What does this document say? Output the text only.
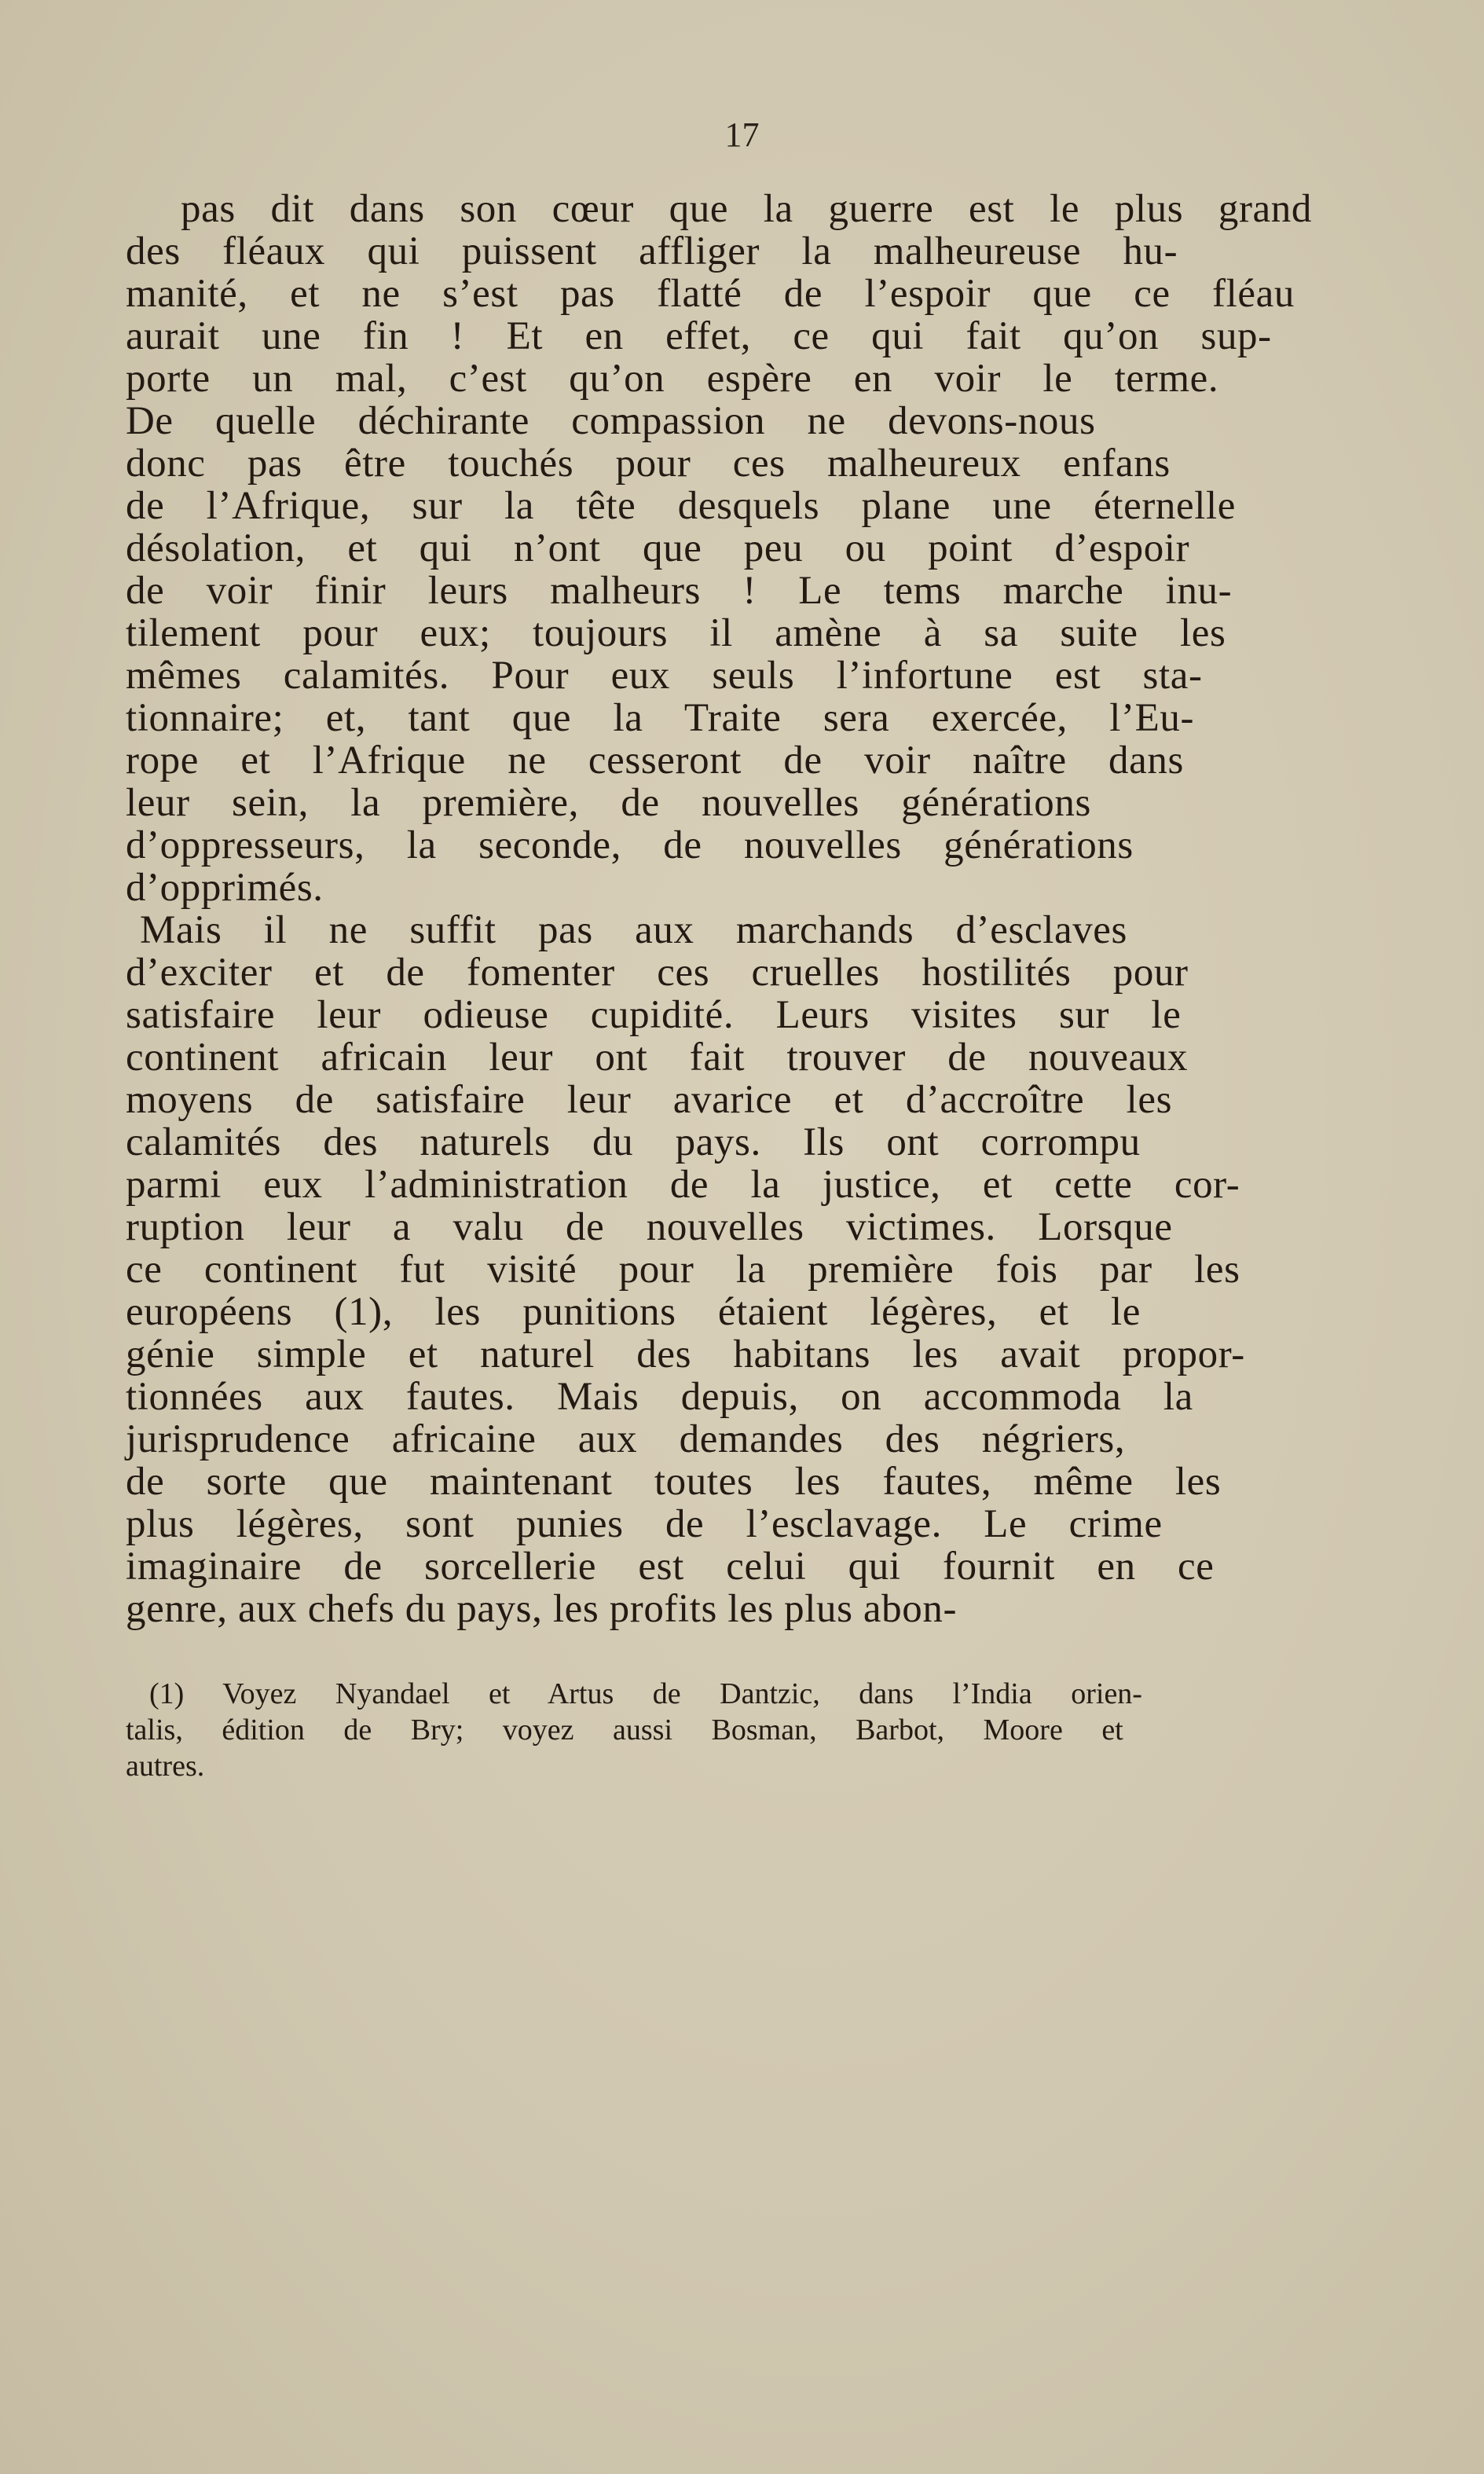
17
pas dit dans son cœur que la guerre est le plus grand
des fléaux qui puissent affliger la malheureuse hu-
manité, et ne s’est pas flatté de l’espoir que ce fléau
aurait une fin ! Et en effet, ce qui fait qu’on sup-
porte un mal, c’est qu’on espère en voir le terme.
De quelle déchirante compassion ne devons-nous
donc pas être touchés pour ces malheureux enfans
de l’Afrique, sur la tête desquels plane une éternelle
désolation, et qui n’ont que peu ou point d’espoir
de voir finir leurs malheurs ! Le tems marche inu-
tilement pour eux; toujours il amène à sa suite les
mêmes calamités. Pour eux seuls l’infortune est sta-
tionnaire; et, tant que la Traite sera exercée, l’Eu-
rope et l’Afrique ne cesseront de voir naître dans
leur sein, la première, de nouvelles générations
d’oppresseurs, la seconde, de nouvelles générations
d’opprimés.
Mais il ne suffit pas aux marchands d’esclaves
d’exciter et de fomenter ces cruelles hostilités pour
satisfaire leur odieuse cupidité. Leurs visites sur le
continent africain leur ont fait trouver de nouveaux
moyens de satisfaire leur avarice et d’accroître les
calamités des naturels du pays. Ils ont corrompu
parmi eux l’administration de la justice, et cette cor-
ruption leur a valu de nouvelles victimes. Lorsque
ce continent fut visité pour la première fois par les
européens (1), les punitions étaient légères, et le
génie simple et naturel des habitans les avait propor-
tionnées aux fautes. Mais depuis, on accommoda la
jurisprudence africaine aux demandes des négriers,
de sorte que maintenant toutes les fautes, même les
plus légères, sont punies de l’esclavage. Le crime
imaginaire de sorcellerie est celui qui fournit en ce
genre, aux chefs du pays, les profits les plus abon-
(1) Voyez Nyandael et Artus de Dantzic, dans l’India orien-
talis, édition de Bry; voyez aussi Bosman, Barbot, Moore et
autres.
